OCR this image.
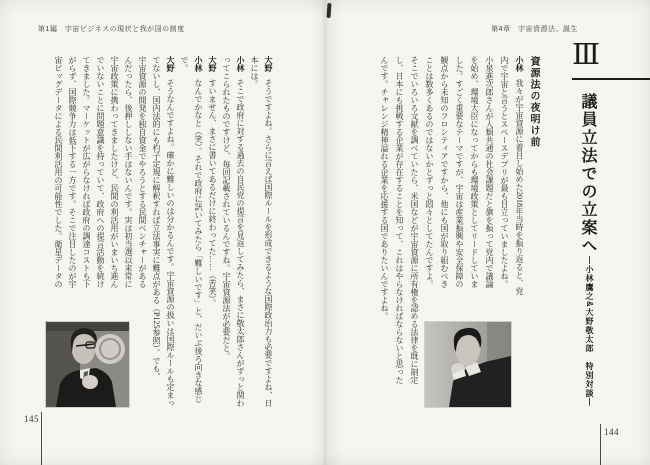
第1編　宇宙ビジネスの現状と我が国の制度
大野そうですよね。さらに言えば国際ルールを形成できるような国際政治力も必要ですよね、日
本には。
小林そこで政府に対する過去の自民党の提言を見返してみたら、まさに敬太郎さんがずっと関わ
ってこられたものですけど、毎回記載されているんですね。宇宙資源法が必要だと。
大野すいません、まさに書いてあるだけに終わってた……（苦笑）。
小林なんでかなと（笑）。それで政府に訊いてみたら「難しいです」と、だいぶ後ろ向きな感じ
で。
大野そうなんですよね。確かに難しいのは分かるんです。宇宙資源の扱いは国際ルールも定まっ
てないし、国内法的にも杓子定規に解釈すれば立法事実に難点がある（P125参照）。でも、
宇宙資源の開発を独自資金でやろうとする民間ベンチャーがある
んだったら、後押ししない手はないんです。実は初当選以来常に
宇宙政策に携わってきましたけど、民間の利活用がいまいち進ん
でいないことに問題意識を持っていて、政府への提言活動を続け
てきました。マーケットが広がらなければ政府の調達コストも下
がらず、国際競争力は低下する一方です。そこで注目したのが宇
宙ビッグデータによる民間利活用の可能性でした。衛星データの
145
第4章　宇宙資源法、誕生
Ⅲ
議員立法での立案へ
―小林鷹之&大野敬太郎　特別対談―
資源法の夜明け前
小林我々が宇宙資源に着目し始めた2018年当時を振り返ると、党
内で宇宙と言うとスペースデブリが最も目立っていましたよね。
小泉進次郎さんが人類共通の社会課題だと旗を振って党内で議論
を始め、環境大臣になってからも環境政策としてリードしていま
した。すごく重要なテーマですが、宇宙は産業振興や安全保障の
観点から未知のフロンティアですから、他にも国が取り組むべき
ことは数多くあるのではないかとずっと悶々としてたんですよ。
そこでいろいろ文献を調べていたら、米国などが宇宙資源に所有権を認める法律を既に制定
し、日本にも挑戦する企業が存在することを知って、これはやらなければならないと思った
んです。チャレンジ精神溢れる企業を応援する国でありたいんですよね。
144
